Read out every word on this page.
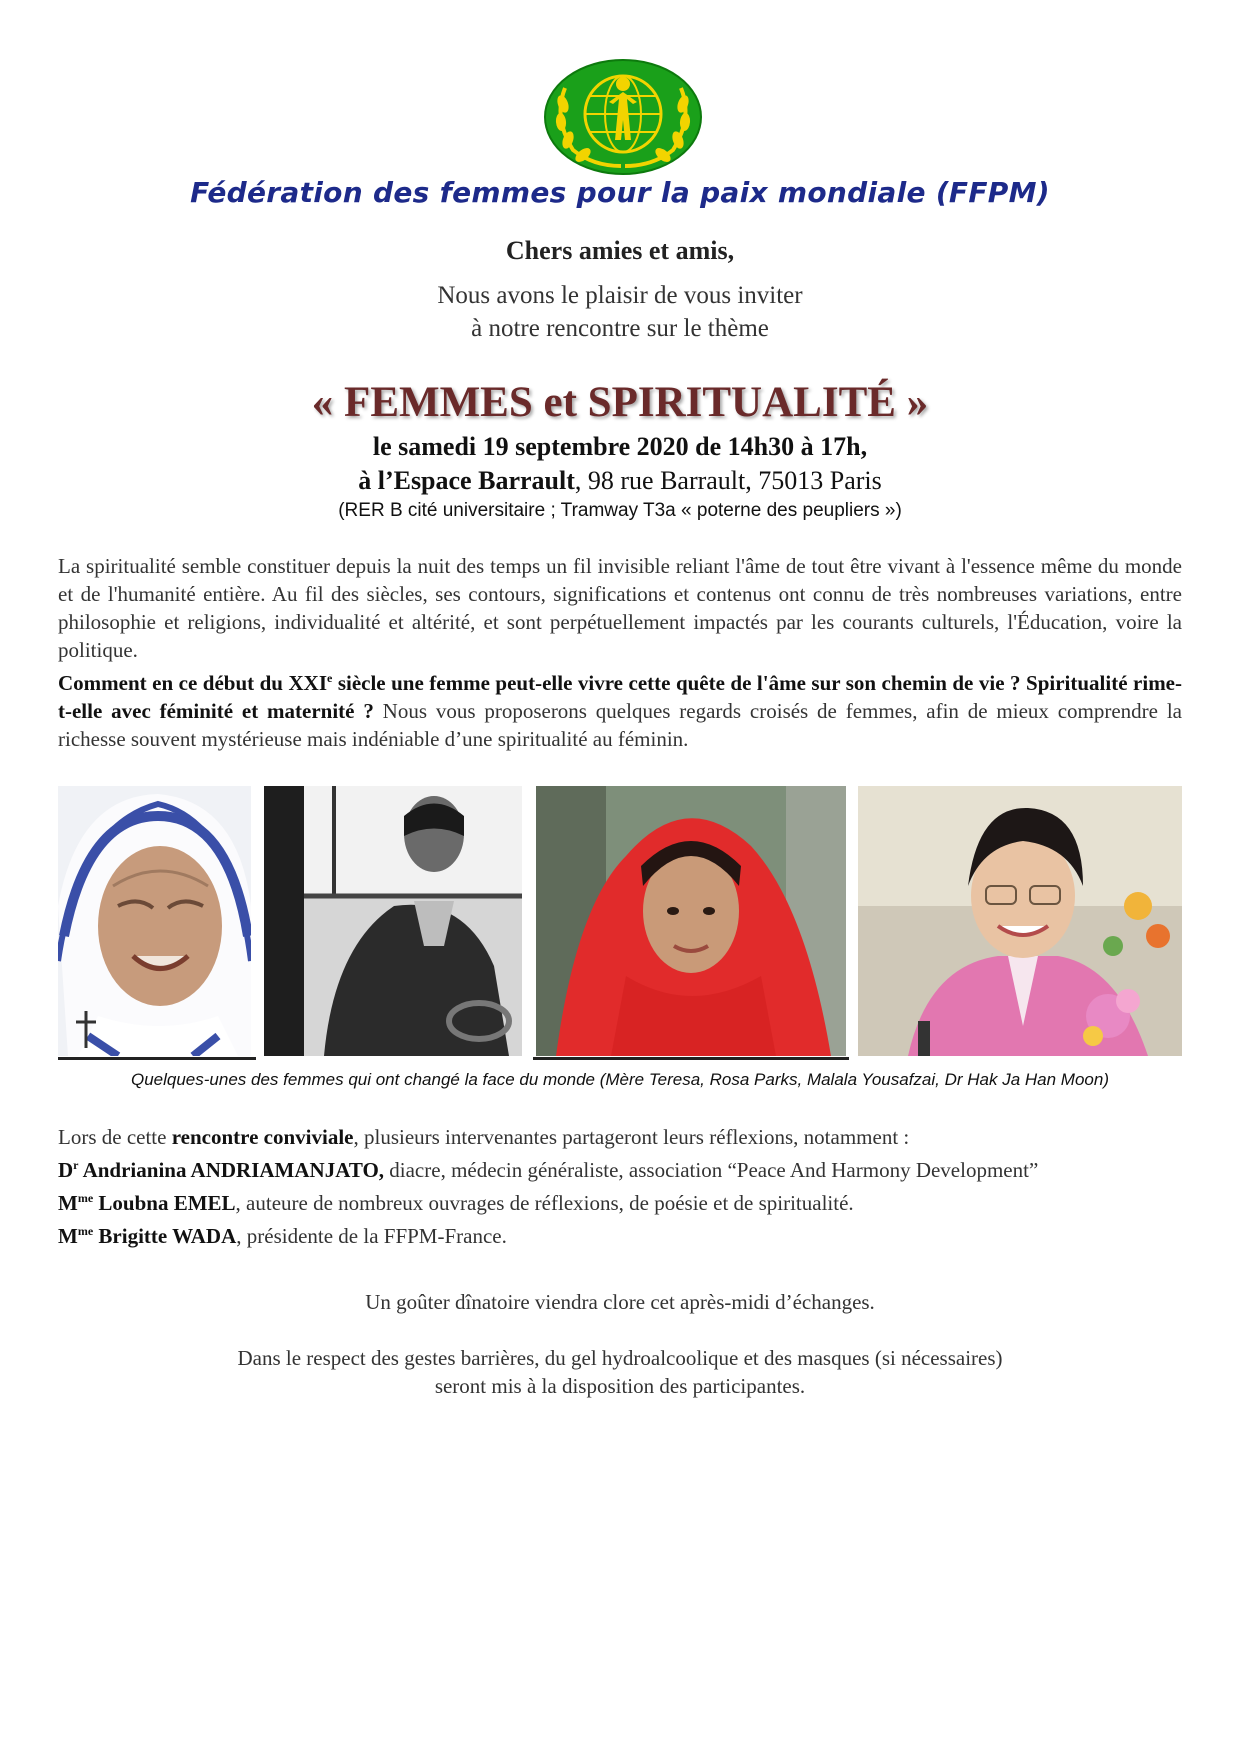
Fédération des femmes pour la paix mondiale (FFPM)
Chers amies et amis,
Nous avons le plaisir de vous inviter
à notre rencontre sur le thème
« FEMMES et SPIRITUALITÉ »
le samedi 19 septembre 2020 de 14h30 à 17h,
à l’Espace Barrault, 98 rue Barrault, 75013 Paris
(RER B cité universitaire ; Tramway T3a « poterne des peupliers »)
La spiritualité semble constituer depuis la nuit des temps un fil invisible reliant l'âme de tout être vivant à l'essence même du monde et de l'humanité entière. Au fil des siècles, ses contours, significations et contenus ont connu de très nombreuses variations, entre philosophie et religions, individualité et altérité, et sont perpétuellement impactés par les courants culturels, l'Éducation, voire la politique.
Comment en ce début du XXIe siècle une femme peut-elle vivre cette quête de l'âme sur son chemin de vie ? Spiritualité rime-t-elle avec féminité et maternité ? Nous vous proposerons quelques regards croisés de femmes, afin de mieux comprendre la richesse souvent mystérieuse mais indéniable d’une spiritualité au féminin.
Quelques-unes des femmes qui ont changé la face du monde (Mère Teresa, Rosa Parks, Malala Yousafzai, Dr Hak Ja Han Moon)

Lors de cette rencontre conviviale, plusieurs intervenantes partageront leurs réflexions, notamment :

$D^r$ Andrianina ANDRIAMANJATO, diacre, médecin généraliste, association “Peace And Harmony Development”

$M^{me}$ Loubna EMEL, auteure de nombreux ouvrages de réflexions, de poésie et de spiritualité.

$M^{me}$ Brigitte WADA, présidente de la FFPM-France.

Un goûter dînatoire viendra clore cet après-midi d’échanges.
Dans le respect des gestes barrières, du gel hydroalcoolique et des masques (si nécessaires)
seront mis à la disposition des participantes.
